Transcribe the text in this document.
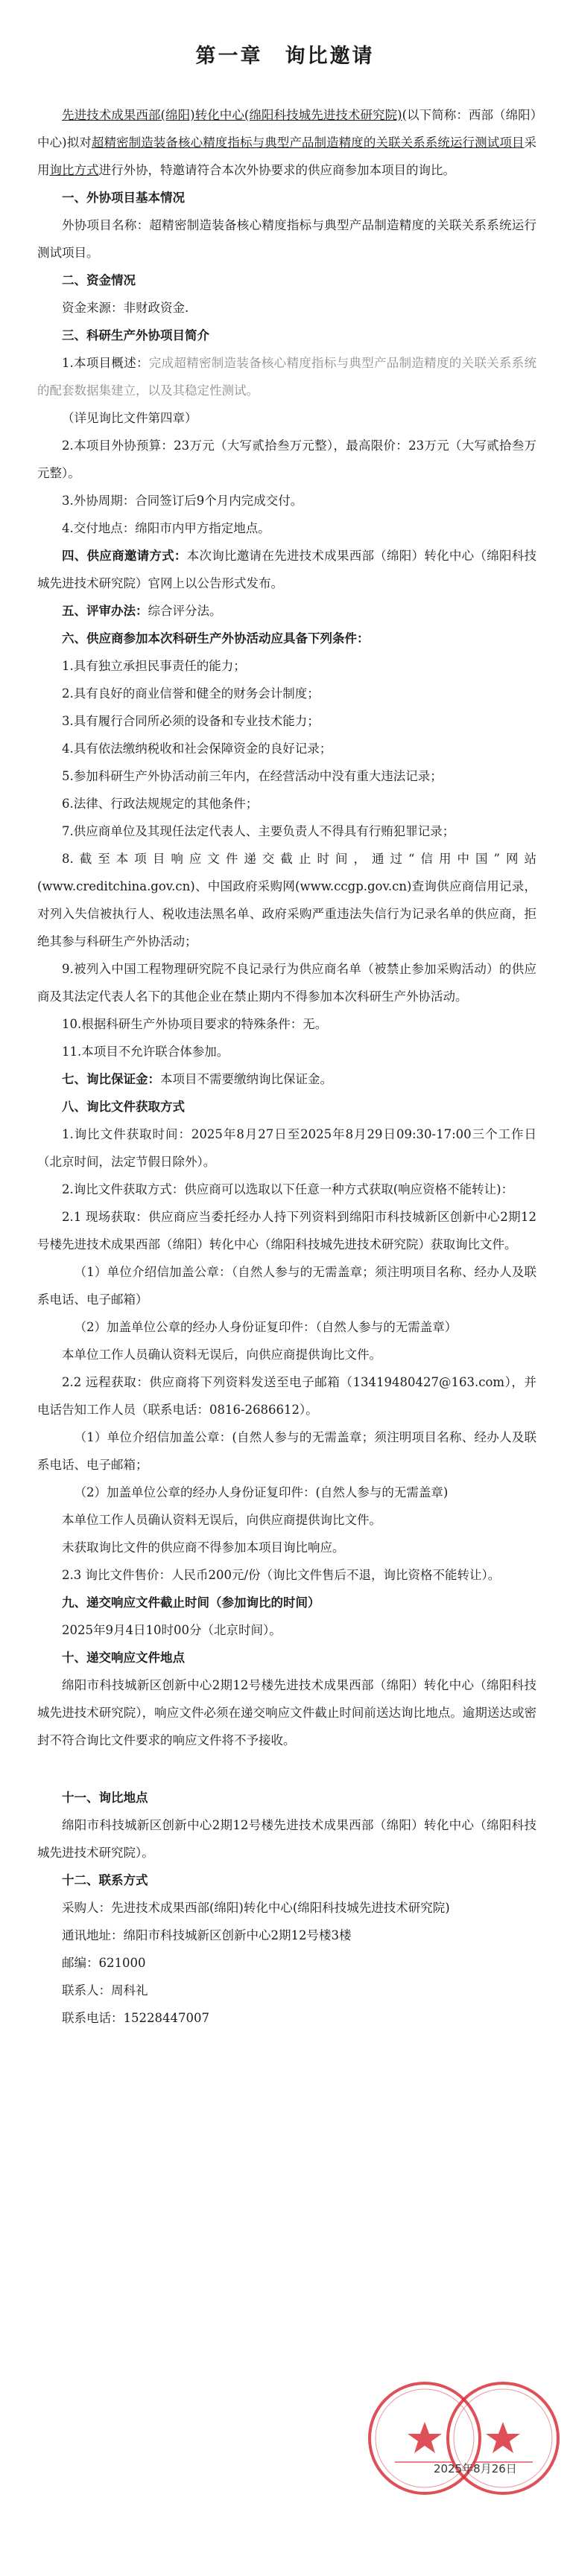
第一章　询比邀请

先进技术成果西部(绵阳)转化中心(绵阳科技城先进技术研究院)(以下简称：西部（绵阳）中心)拟对超精密制造装备核心精度指标与典型产品制造精度的关联关系系统运行测试项目采用询比方式进行外协，特邀请符合本次外协要求的供应商参加本项目的询比。

一、外协项目基本情况

外协项目名称：超精密制造装备核心精度指标与典型产品制造精度的关联关系系统运行测试项目。

二、资金情况

资金来源：非财政资金.

三、科研生产外协项目简介

1.本项目概述：完成超精密制造装备核心精度指标与典型产品制造精度的关联关系系统的配套数据集建立，以及其稳定性测试。

（详见询比文件第四章）

2.本项目外协预算：23万元（大写贰拾叁万元整），最高限价：23万元（大写贰拾叁万元整）。

3.外协周期：合同签订后9个月内完成交付。

4.交付地点：绵阳市内甲方指定地点。

四、供应商邀请方式：本次询比邀请在先进技术成果西部（绵阳）转化中心（绵阳科技城先进技术研究院）官网上以公告形式发布。

五、评审办法：综合评分法。

六、供应商参加本次科研生产外协活动应具备下列条件：

1.具有独立承担民事责任的能力；

2.具有良好的商业信誉和健全的财务会计制度；

3.具有履行合同所必须的设备和专业技术能力；

4.具有依法缴纳税收和社会保障资金的良好记录；

5.参加科研生产外协活动前三年内，在经营活动中没有重大违法记录；

6.法律、行政法规规定的其他条件；

7.供应商单位及其现任法定代表人、主要负责人不得具有行贿犯罪记录；

8.截至本项目响应文件递交截止时间，通过“信用中国”网站(www.creditchina.gov.cn)、中国政府采购网(www.ccgp.gov.cn)查询供应商信用记录，对列入失信被执行人、税收违法黑名单、政府采购严重违法失信行为记录名单的供应商，拒绝其参与科研生产外协活动；

9.被列入中国工程物理研究院不良记录行为供应商名单（被禁止参加采购活动）的供应商及其法定代表人名下的其他企业在禁止期内不得参加本次科研生产外协活动。

10.根据科研生产外协项目要求的特殊条件：无。

11.本项目不允许联合体参加。

七、询比保证金：本项目不需要缴纳询比保证金。

八、询比文件获取方式

1.询比文件获取时间：2025年8月27日至2025年8月29日09:30-17:00三个工作日（北京时间，法定节假日除外）。

2.询比文件获取方式：供应商可以选取以下任意一种方式获取(响应资格不能转让)：

2.1 现场获取：供应商应当委托经办人持下列资料到绵阳市科技城新区创新中心2期12号楼先进技术成果西部（绵阳）转化中心（绵阳科技城先进技术研究院）获取询比文件。

（1）单位介绍信加盖公章：（自然人参与的无需盖章；须注明项目名称、经办人及联系电话、电子邮箱）

（2）加盖单位公章的经办人身份证复印件：（自然人参与的无需盖章）

本单位工作人员确认资料无误后，向供应商提供询比文件。

2.2 远程获取：供应商将下列资料发送至电子邮箱（13419480427@163.com），并电话告知工作人员（联系电话：0816-2686612）。

（1）单位介绍信加盖公章：(自然人参与的无需盖章；须注明项目名称、经办人及联系电话、电子邮箱；

（2）加盖单位公章的经办人身份证复印件：(自然人参与的无需盖章)

本单位工作人员确认资料无误后，向供应商提供询比文件。

未获取询比文件的供应商不得参加本项目询比响应。

2.3 询比文件售价：人民币200元/份（询比文件售后不退，询比资格不能转让）。

九、递交响应文件截止时间（参加询比的时间）

2025年9月4日10时00分（北京时间）。

十、递交响应文件地点

绵阳市科技城新区创新中心2期12号楼先进技术成果西部（绵阳）转化中心（绵阳科技城先进技术研究院），响应文件必须在递交响应文件截止时间前送达询比地点。逾期送达或密封不符合询比文件要求的响应文件将不予接收。

十一、询比地点

绵阳市科技城新区创新中心2期12号楼先进技术成果西部（绵阳）转化中心（绵阳科技城先进技术研究院）。

十二、联系方式

采购人：先进技术成果西部(绵阳)转化中心(绵阳科技城先进技术研究院)

通讯地址：绵阳市科技城新区创新中心2期12号楼3楼

邮编：621000

联系人：周科礼

联系电话：15228447007

2025年8月26日
